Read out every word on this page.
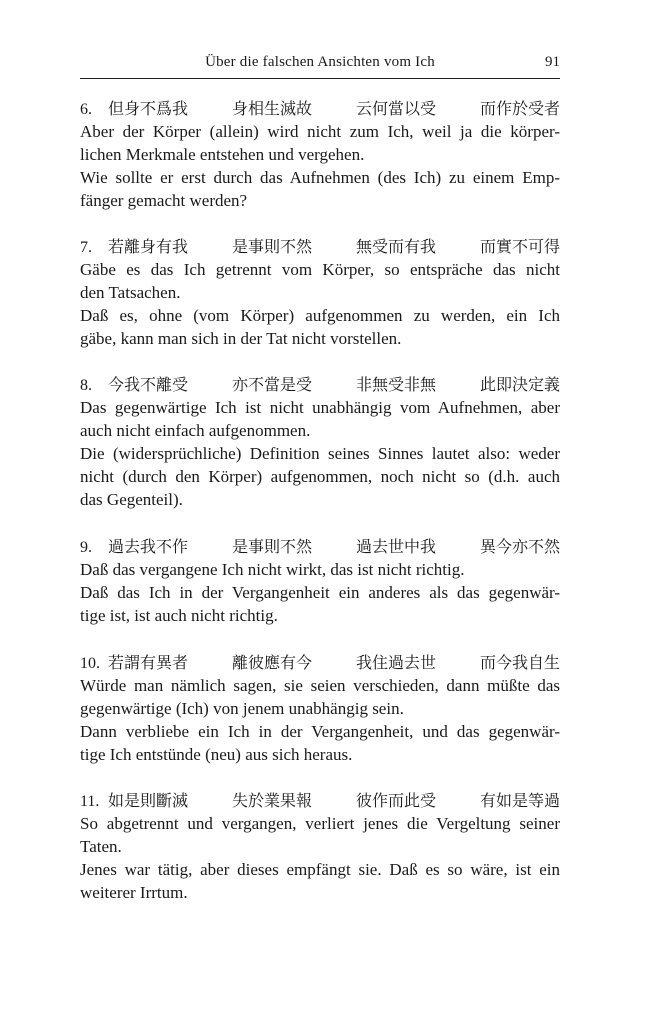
Über die falschen Ansichten vom Ich	91
6.	但身不爲我	身相生滅故	云何當以受	而作於受者
Aber der Körper (allein) wird nicht zum Ich, weil ja die körper-
lichen Merkmale entstehen und vergehen.
Wie sollte er erst durch das Aufnehmen (des Ich) zu einem Emp-
fänger gemacht werden?
7.	若離身有我	是事則不然	無受而有我	而實不可得
Gäbe es das Ich getrennt vom Körper, so entspräche das nicht
den Tatsachen.
Daß es, ohne (vom Körper) aufgenommen zu werden, ein Ich
gäbe, kann man sich in der Tat nicht vorstellen.
8.	今我不離受	亦不當是受	非無受非無	此即決定義
Das gegenwärtige Ich ist nicht unabhängig vom Aufnehmen, aber
auch nicht einfach aufgenommen.
Die (widersprüchliche) Definition seines Sinnes lautet also: weder
nicht (durch den Körper) aufgenommen, noch nicht so (d.h. auch
das Gegenteil).
9.	過去我不作	是事則不然	過去世中我	異今亦不然
Daß das vergangene Ich nicht wirkt, das ist nicht richtig.
Daß das Ich in der Vergangenheit ein anderes als das gegenwär-
tige ist, ist auch nicht richtig.
10. 若謂有異者	離彼應有今	我住過去世	而今我自生
Würde man nämlich sagen, sie seien verschieden, dann müßte das
gegenwärtige (Ich) von jenem unabhängig sein.
Dann verbliebe ein Ich in der Vergangenheit, und das gegenwär-
tige Ich entstünde (neu) aus sich heraus.
11. 如是則斷滅	失於業果報	彼作而此受	有如是等過
So abgetrennt und vergangen, verliert jenes die Vergeltung seiner
Taten.
Jenes war tätig, aber dieses empfängt sie. Daß es so wäre, ist ein
weiterer Irrtum.
